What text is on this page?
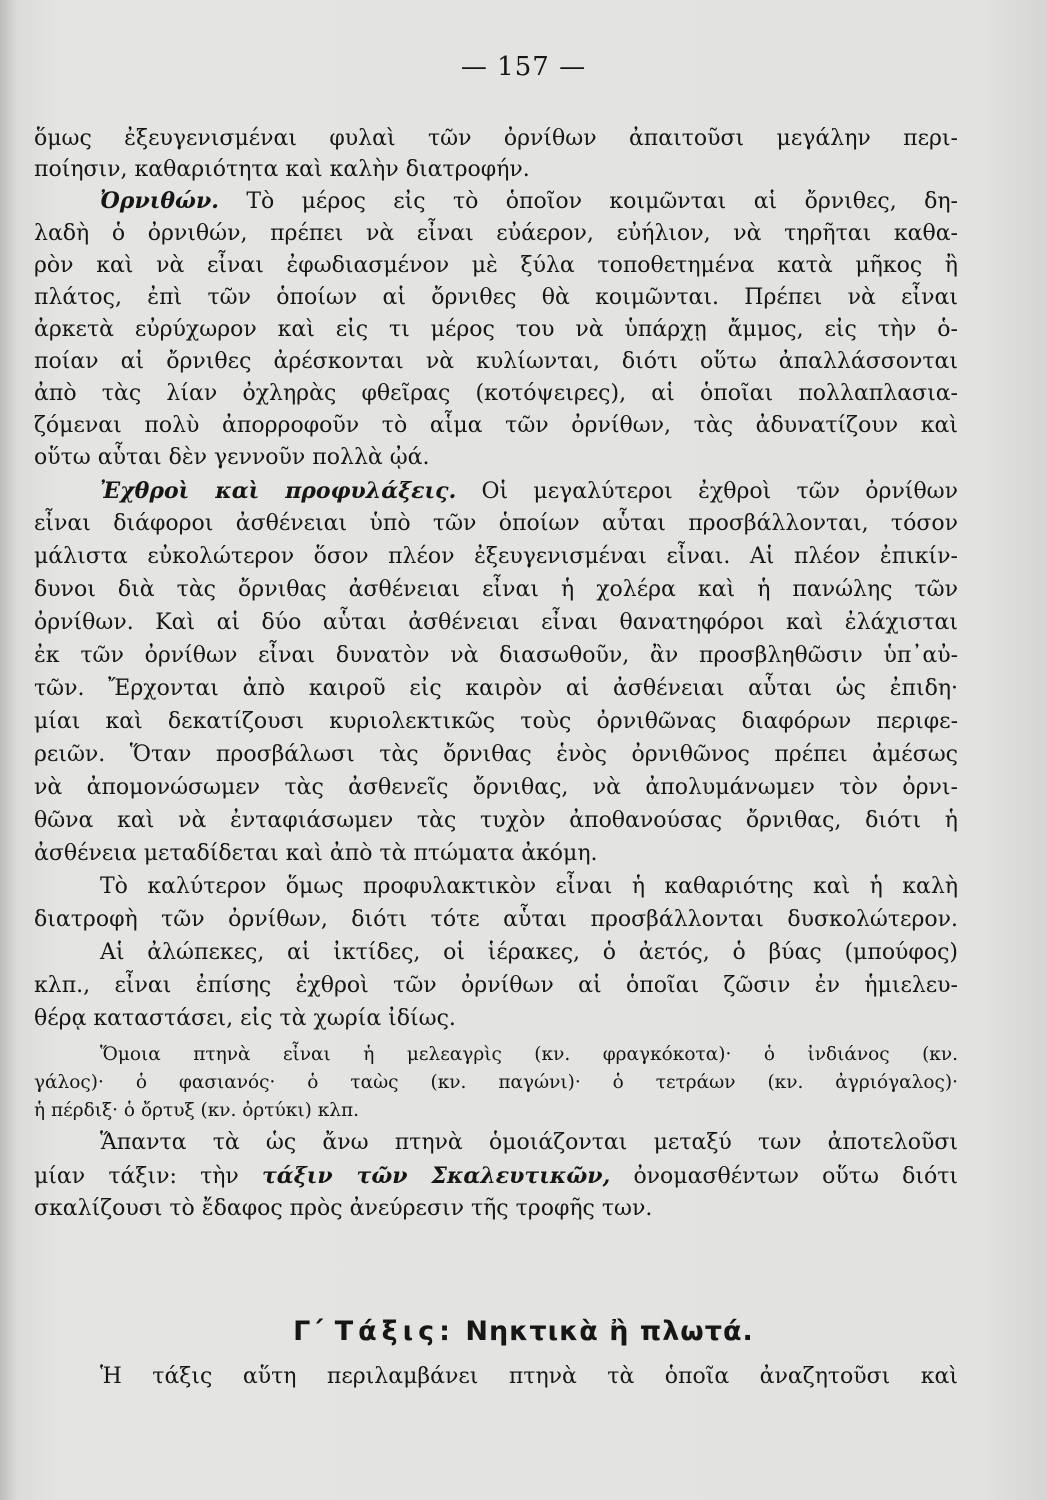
— 157 —
ὅμως ἐξευγενισμέναι φυλαὶ τῶν ὀρνίθων ἀπαιτοῦσι μεγάλην περι-
ποίησιν, καθαριότητα καὶ καλὴν διατροφήν.
Ὀρνιθών. Τὸ μέρος εἰς τὸ ὁποῖον κοιμῶνται αἱ ὄρνιθες, δη-
λαδὴ ὁ ὀρνιθών, πρέπει νὰ εἶναι εὐάερον, εὐήλιον, νὰ τηρῆται καθα-
ρὸν καὶ νὰ εἶναι ἐφωδιασμένον μὲ ξύλα τοποθετημένα κατὰ μῆκος ἢ
πλάτος, ἐπὶ τῶν ὁποίων αἱ ὄρνιθες θὰ κοιμῶνται. Πρέπει νὰ εἶναι
ἀρκετὰ εὐρύχωρον καὶ εἰς τι μέρος του νὰ ὑπάρχῃ ἄμμος, εἰς τὴν ὁ-
ποίαν αἱ ὄρνιθες ἀρέσκονται νὰ κυλίωνται, διότι οὕτω ἀπαλλάσσονται
ἀπὸ τὰς λίαν ὀχληρὰς φθεῖρας (κοτόψειρες), αἱ ὁποῖαι πολλαπλασια-
ζόμεναι πολὺ ἀπορροφοῦν τὸ αἷμα τῶν ὀρνίθων, τὰς ἀδυνατίζουν καὶ
οὕτω αὗται δὲν γεννοῦν πολλὰ ᾠά.
Ἐχθροὶ καὶ προφυλάξεις. Οἱ μεγαλύτεροι ἐχθροὶ τῶν ὀρνίθων
εἶναι διάφοροι ἀσθένειαι ὑπὸ τῶν ὁποίων αὗται προσβάλλονται, τόσον
μάλιστα εὐκολώτερον ὅσον πλέον ἐξευγενισμέναι εἶναι. Αἱ πλέον ἐπικίν-
δυνοι διὰ τὰς ὄρνιθας ἀσθένειαι εἶναι ἡ χολέρα καὶ ἡ πανώλης τῶν
ὀρνίθων. Καὶ αἱ δύο αὗται ἀσθένειαι εἶναι θανατηφόροι καὶ ἐλάχισται
ἐκ τῶν ὀρνίθων εἶναι δυνατὸν νὰ διασωθοῦν, ἂν προσβληθῶσιν ὑπ᾽αὐ-
τῶν. Ἔρχονται ἀπὸ καιροῦ εἰς καιρὸν αἱ ἀσθένειαι αὗται ὡς ἐπιδη·
μίαι καὶ δεκατίζουσι κυριολεκτικῶς τοὺς ὀρνιθῶνας διαφόρων περιφε-
ρειῶν. Ὅταν προσβάλωσι τὰς ὄρνιθας ἑνὸς ὀρνιθῶνος πρέπει ἀμέσως
νὰ ἀπομονώσωμεν τὰς ἀσθενεῖς ὄρνιθας, νὰ ἀπολυμάνωμεν τὸν ὀρνι-
θῶνα καὶ νὰ ἐνταφιάσωμεν τὰς τυχὸν ἀποθανούσας ὄρνιθας, διότι ἡ
ἀσθένεια μεταδίδεται καὶ ἀπὸ τὰ πτώματα ἀκόμη.
Τὸ καλύτερον ὅμως προφυλακτικὸν εἶναι ἡ καθαριότης καὶ ἡ καλὴ
διατροφὴ τῶν ὀρνίθων, διότι τότε αὗται προσβάλλονται δυσκολώτερον.
Αἱ ἀλώπεκες, αἱ ἰκτίδες, οἱ ἱέρακες, ὁ ἀετός, ὁ βύας (μπούφος)
κλπ., εἶναι ἐπίσης ἐχθροὶ τῶν ὀρνίθων αἱ ὁποῖαι ζῶσιν ἐν ἡμιελευ-
θέρᾳ καταστάσει, εἰς τὰ χωρία ἰδίως.
Ὅμοια πτηνὰ εἶναι ἡ μελεαγρὶς (κν. φραγκόκοτα)· ὁ ἰνδιάνος (κν.
γάλος)· ὁ φασιανός· ὁ ταὼς (κν. παγώνι)· ὁ τετράων (κν. ἀγριόγαλος)·
ἡ πέρδιξ· ὁ ὄρτυξ (κν. ὀρτύκι) κλπ.
Ἅπαντα τὰ ὡς ἄνω πτηνὰ ὁμοιάζονται μεταξύ των ἀποτελοῦσι
μίαν τάξιν: τὴν τάξιν τῶν Σκαλευτικῶν, ὀνομασθέντων οὕτω διότι
σκαλίζουσι τὸ ἔδαφος πρὸς ἀνεύρεσιν τῆς τροφῆς των.
Γ΄ Τάξις: Νηκτικὰ ἢ πλωτά.
Ἡ τάξις αὕτη περιλαμβάνει πτηνὰ τὰ ὁποῖα ἀναζητοῦσι καὶ
